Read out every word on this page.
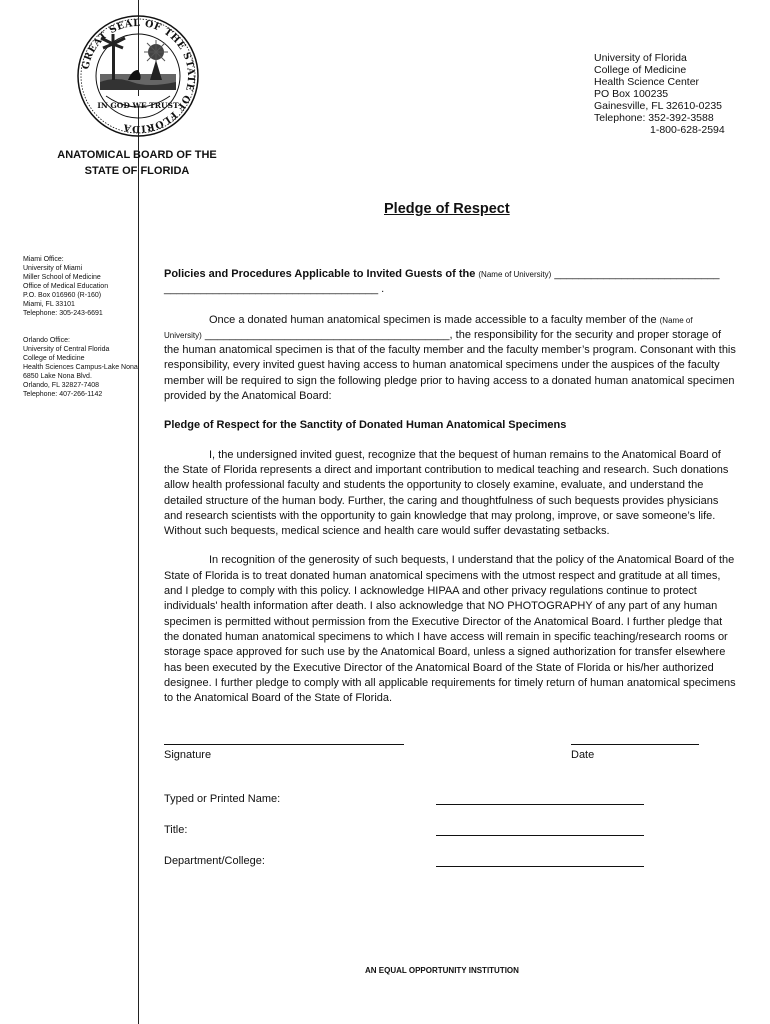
GREAT SEAL OF THE STATE OF FLORIDA
IN GOD WE TRUST
University of Florida
College of Medicine
Health Science Center
PO Box 100235
Gainesville, FL 32610-0235
Telephone: 352-392-3588
1-800-628-2594
ANATOMICAL BOARD OF THE
STATE OF FLORIDA
Pledge of Respect
Miami Office:
University of Miami
Miller School of Medicine
Office of Medical Education
P.O. Box 016960 (R-160)
Miami, FL 33101
Telephone: 305-243-6691
Orlando Office:
University of Central Florida
College of Medicine
Health Sciences Campus-Lake Nona
6850 Lake Nona Blvd.
Orlando, FL 32827-7408
Telephone: 407-266-1142
Policies and Procedures Applicable to Invited Guests of the (Name of University) ___________________________
___________________________________ .

Once a donated human anatomical specimen is made accessible to a faculty member of the (Name of
University) ________________________________________, the responsibility for the security and proper storage of the human anatomical specimen is that of the faculty member and the faculty member’s program. Consonant with this responsibility, every invited guest having access to human anatomical specimens under the auspices of the faculty member will be required to sign the following pledge prior to having access to a donated human anatomical specimen provided by the Anatomical Board:

Pledge of Respect for the Sanctity of Donated Human Anatomical Specimens

I, the undersigned invited guest, recognize that the bequest of human remains to the Anatomical Board of the State of Florida represents a direct and important contribution to medical teaching and research. Such donations allow health professional faculty and students the opportunity to closely examine, evaluate, and understand the detailed structure of the human body. Further, the caring and thoughtfulness of such bequests provides physicians and research scientists with the opportunity to gain knowledge that may prolong, improve, or save someone’s life. Without such bequests, medical science and health care would suffer devastating setbacks.

In recognition of the generosity of such bequests, I understand that the policy of the Anatomical Board of the State of Florida is to treat donated human anatomical specimens with the utmost respect and gratitude at all times, and I pledge to comply with this policy. I acknowledge HIPAA and other privacy regulations continue to protect individuals' health information after death. I also acknowledge that NO PHOTOGRAPHY of any part of any human specimen is permitted without permission from the Executive Director of the Anatomical Board. I further pledge that the donated human anatomical specimens to which I have access will remain in specific teaching/research rooms or storage space approved for such use by the Anatomical Board, unless a signed authorization for transfer elsewhere has been executed by the Executive Director of the Anatomical Board of the State of Florida or his/her authorized designee. I further pledge to comply with all applicable requirements for timely return of human anatomical specimens to the Anatomical Board of the State of Florida.

Signature	Date
Typed or Printed Name:
Title:
Department/College:
AN EQUAL OPPORTUNITY INSTITUTION
